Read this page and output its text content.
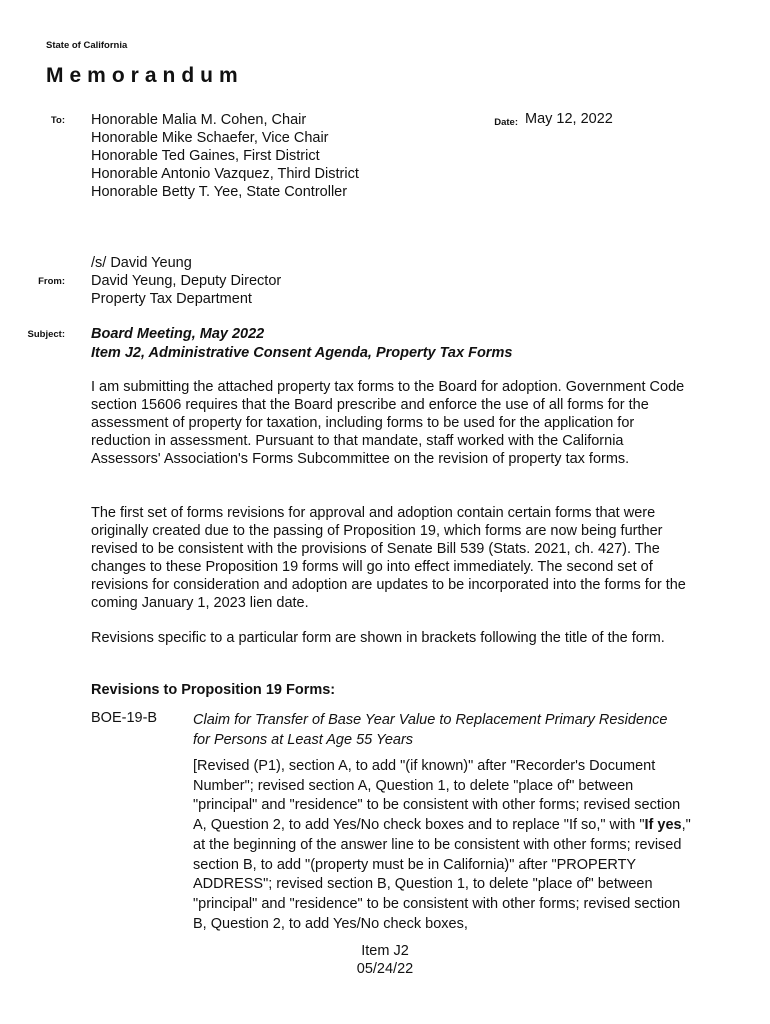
State of California
Memorandum
To: Honorable Malia M. Cohen, Chair
Honorable Mike Schaefer, Vice Chair
Honorable Ted Gaines, First District
Honorable Antonio Vazquez, Third District
Honorable Betty T. Yee, State Controller
Date: May 12, 2022
From:
/s/ David Yeung
David Yeung, Deputy Director
Property Tax Department
Subject: Board Meeting, May 2022
Item J2, Administrative Consent Agenda, Property Tax Forms
I am submitting the attached property tax forms to the Board for adoption. Government Code section 15606 requires that the Board prescribe and enforce the use of all forms for the assessment of property for taxation, including forms to be used for the application for reduction in assessment. Pursuant to that mandate, staff worked with the California Assessors' Association's Forms Subcommittee on the revision of property tax forms.
The first set of forms revisions for approval and adoption contain certain forms that were originally created due to the passing of Proposition 19, which forms are now being further revised to be consistent with the provisions of Senate Bill 539 (Stats. 2021, ch. 427). The changes to these Proposition 19 forms will go into effect immediately. The second set of revisions for consideration and adoption are updates to be incorporated into the forms for the coming January 1, 2023 lien date.
Revisions specific to a particular form are shown in brackets following the title of the form.
Revisions to Proposition 19 Forms:
BOE-19-B Claim for Transfer of Base Year Value to Replacement Primary Residence for Persons at Least Age 55 Years
[Revised (P1), section A, to add "(if known)" after "Recorder's Document Number"; revised section A, Question 1, to delete "place of" between "principal" and "residence" to be consistent with other forms; revised section A, Question 2, to add Yes/No check boxes and to replace "If so," with "If yes," at the beginning of the answer line to be consistent with other forms; revised section B, to add "(property must be in California)" after "PROPERTY ADDRESS"; revised section B, Question 1, to delete "place of" between "principal" and "residence" to be consistent with other forms; revised section B, Question 2, to add Yes/No check boxes,
Item J2
05/24/22
